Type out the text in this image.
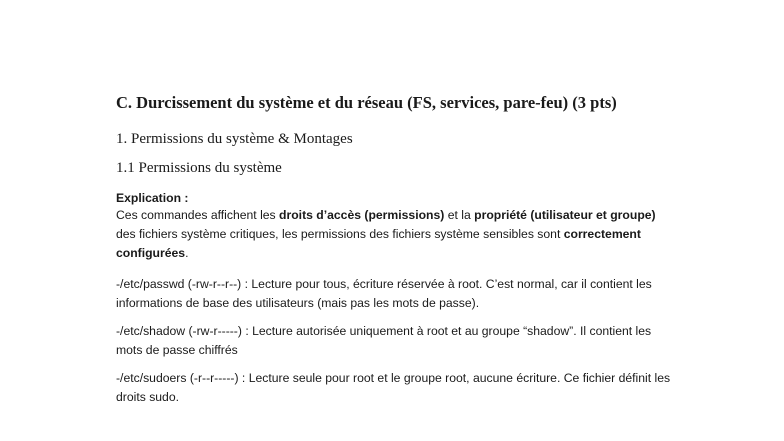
C. Durcissement du système et du réseau (FS, services, pare-feu) (3 pts)
1. Permissions du système & Montages
1.1 Permissions du système

Explication :

Ces commandes affichent les droits d’accès (permissions) et la propriété (utilisateur et groupe) des fichiers système critiques, les permissions des fichiers système sensibles sont correctement configurées.

-/etc/passwd (-rw-r--r--) : Lecture pour tous, écriture réservée à root. C’est normal, car il contient les informations de base des utilisateurs (mais pas les mots de passe).

-/etc/shadow (-rw-r-----) : Lecture autorisée uniquement à root et au groupe “shadow”. Il contient les mots de passe chiffrés

-/etc/sudoers (-r--r-----) : Lecture seule pour root et le groupe root, aucune écriture. Ce fichier définit les droits sudo.
